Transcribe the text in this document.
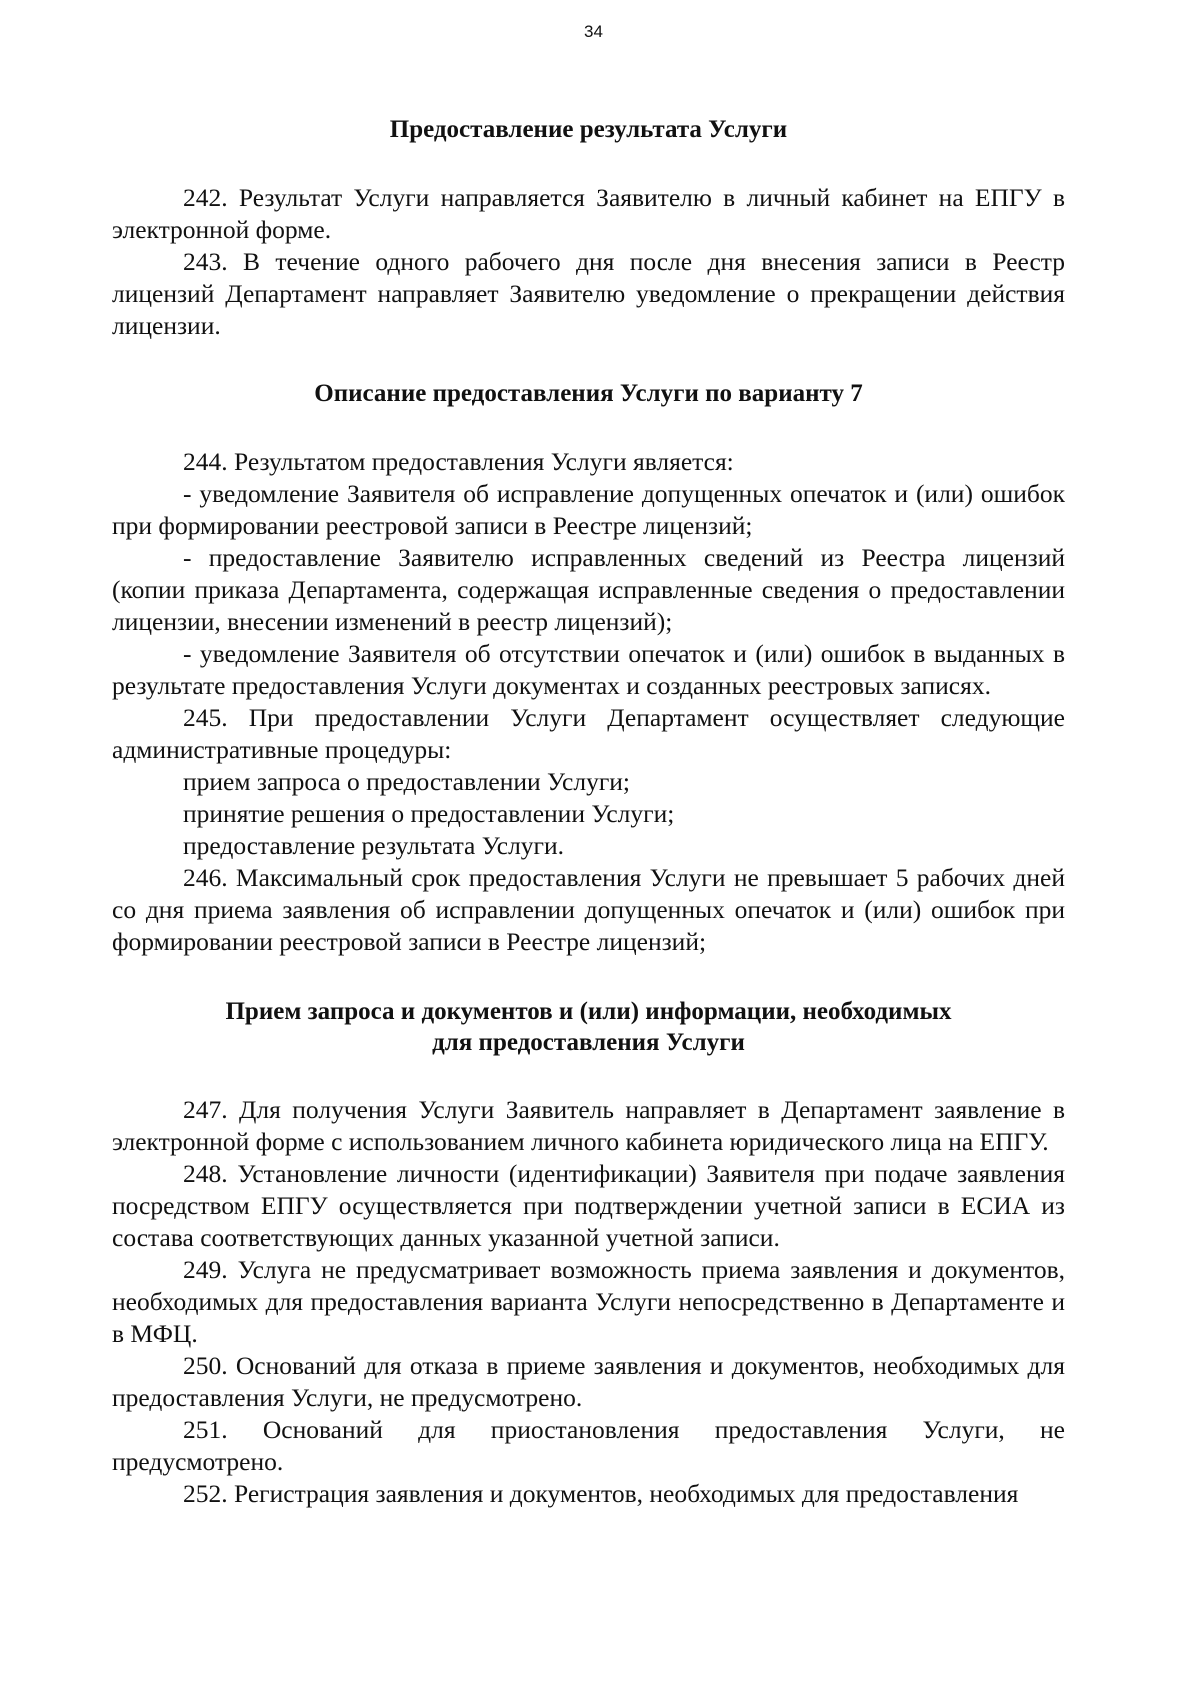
34
Предоставление результата Услуги

242. Результат Услуги направляется Заявителю в личный кабинет на ЕПГУ в электронной форме.

243. В течение одного рабочего дня после дня внесения записи в Реестр лицензий Департамент направляет Заявителю уведомление о прекращении действия лицензии.

Описание предоставления Услуги по варианту 7

244. Результатом предоставления Услуги является:

- уведомление Заявителя об исправление допущенных опечаток и (или) ошибок при формировании реестровой записи в Реестре лицензий;

- предоставление Заявителю исправленных сведений из Реестра лицензий (копии приказа Департамента, содержащая исправленные сведения о предоставлении лицензии, внесении изменений в реестр лицензий);

- уведомление Заявителя об отсутствии опечаток и (или) ошибок в выданных в результате предоставления Услуги документах и созданных реестровых записях.

245. При предоставлении Услуги Департамент осуществляет следующие административные процедуры:

прием запроса о предоставлении Услуги;

принятие решения о предоставлении Услуги;

предоставление результата Услуги.

246. Максимальный срок предоставления Услуги не превышает 5 рабочих дней со дня приема заявления об исправлении допущенных опечаток и (или) ошибок при формировании реестровой записи в Реестре лицензий;

Прием запроса и документов и (или) информации, необходимых
для предоставления Услуги

247. Для получения Услуги Заявитель направляет в Департамент заявление в электронной форме с использованием личного кабинета юридического лица на ЕПГУ.

248. Установление личности (идентификации) Заявителя при подаче заявления посредством ЕПГУ осуществляется при подтверждении учетной записи в ЕСИА из состава соответствующих данных указанной учетной записи.

249. Услуга не предусматривает возможность приема заявления и документов, необходимых для предоставления варианта Услуги непосредственно в Департаменте и в МФЦ.

250. Оснований для отказа в приеме заявления и документов, необходимых для предоставления Услуги, не предусмотрено.

251. Оснований для приостановления предоставления Услуги, не предусмотрено.

252. Регистрация заявления и документов, необходимых для предоставления
